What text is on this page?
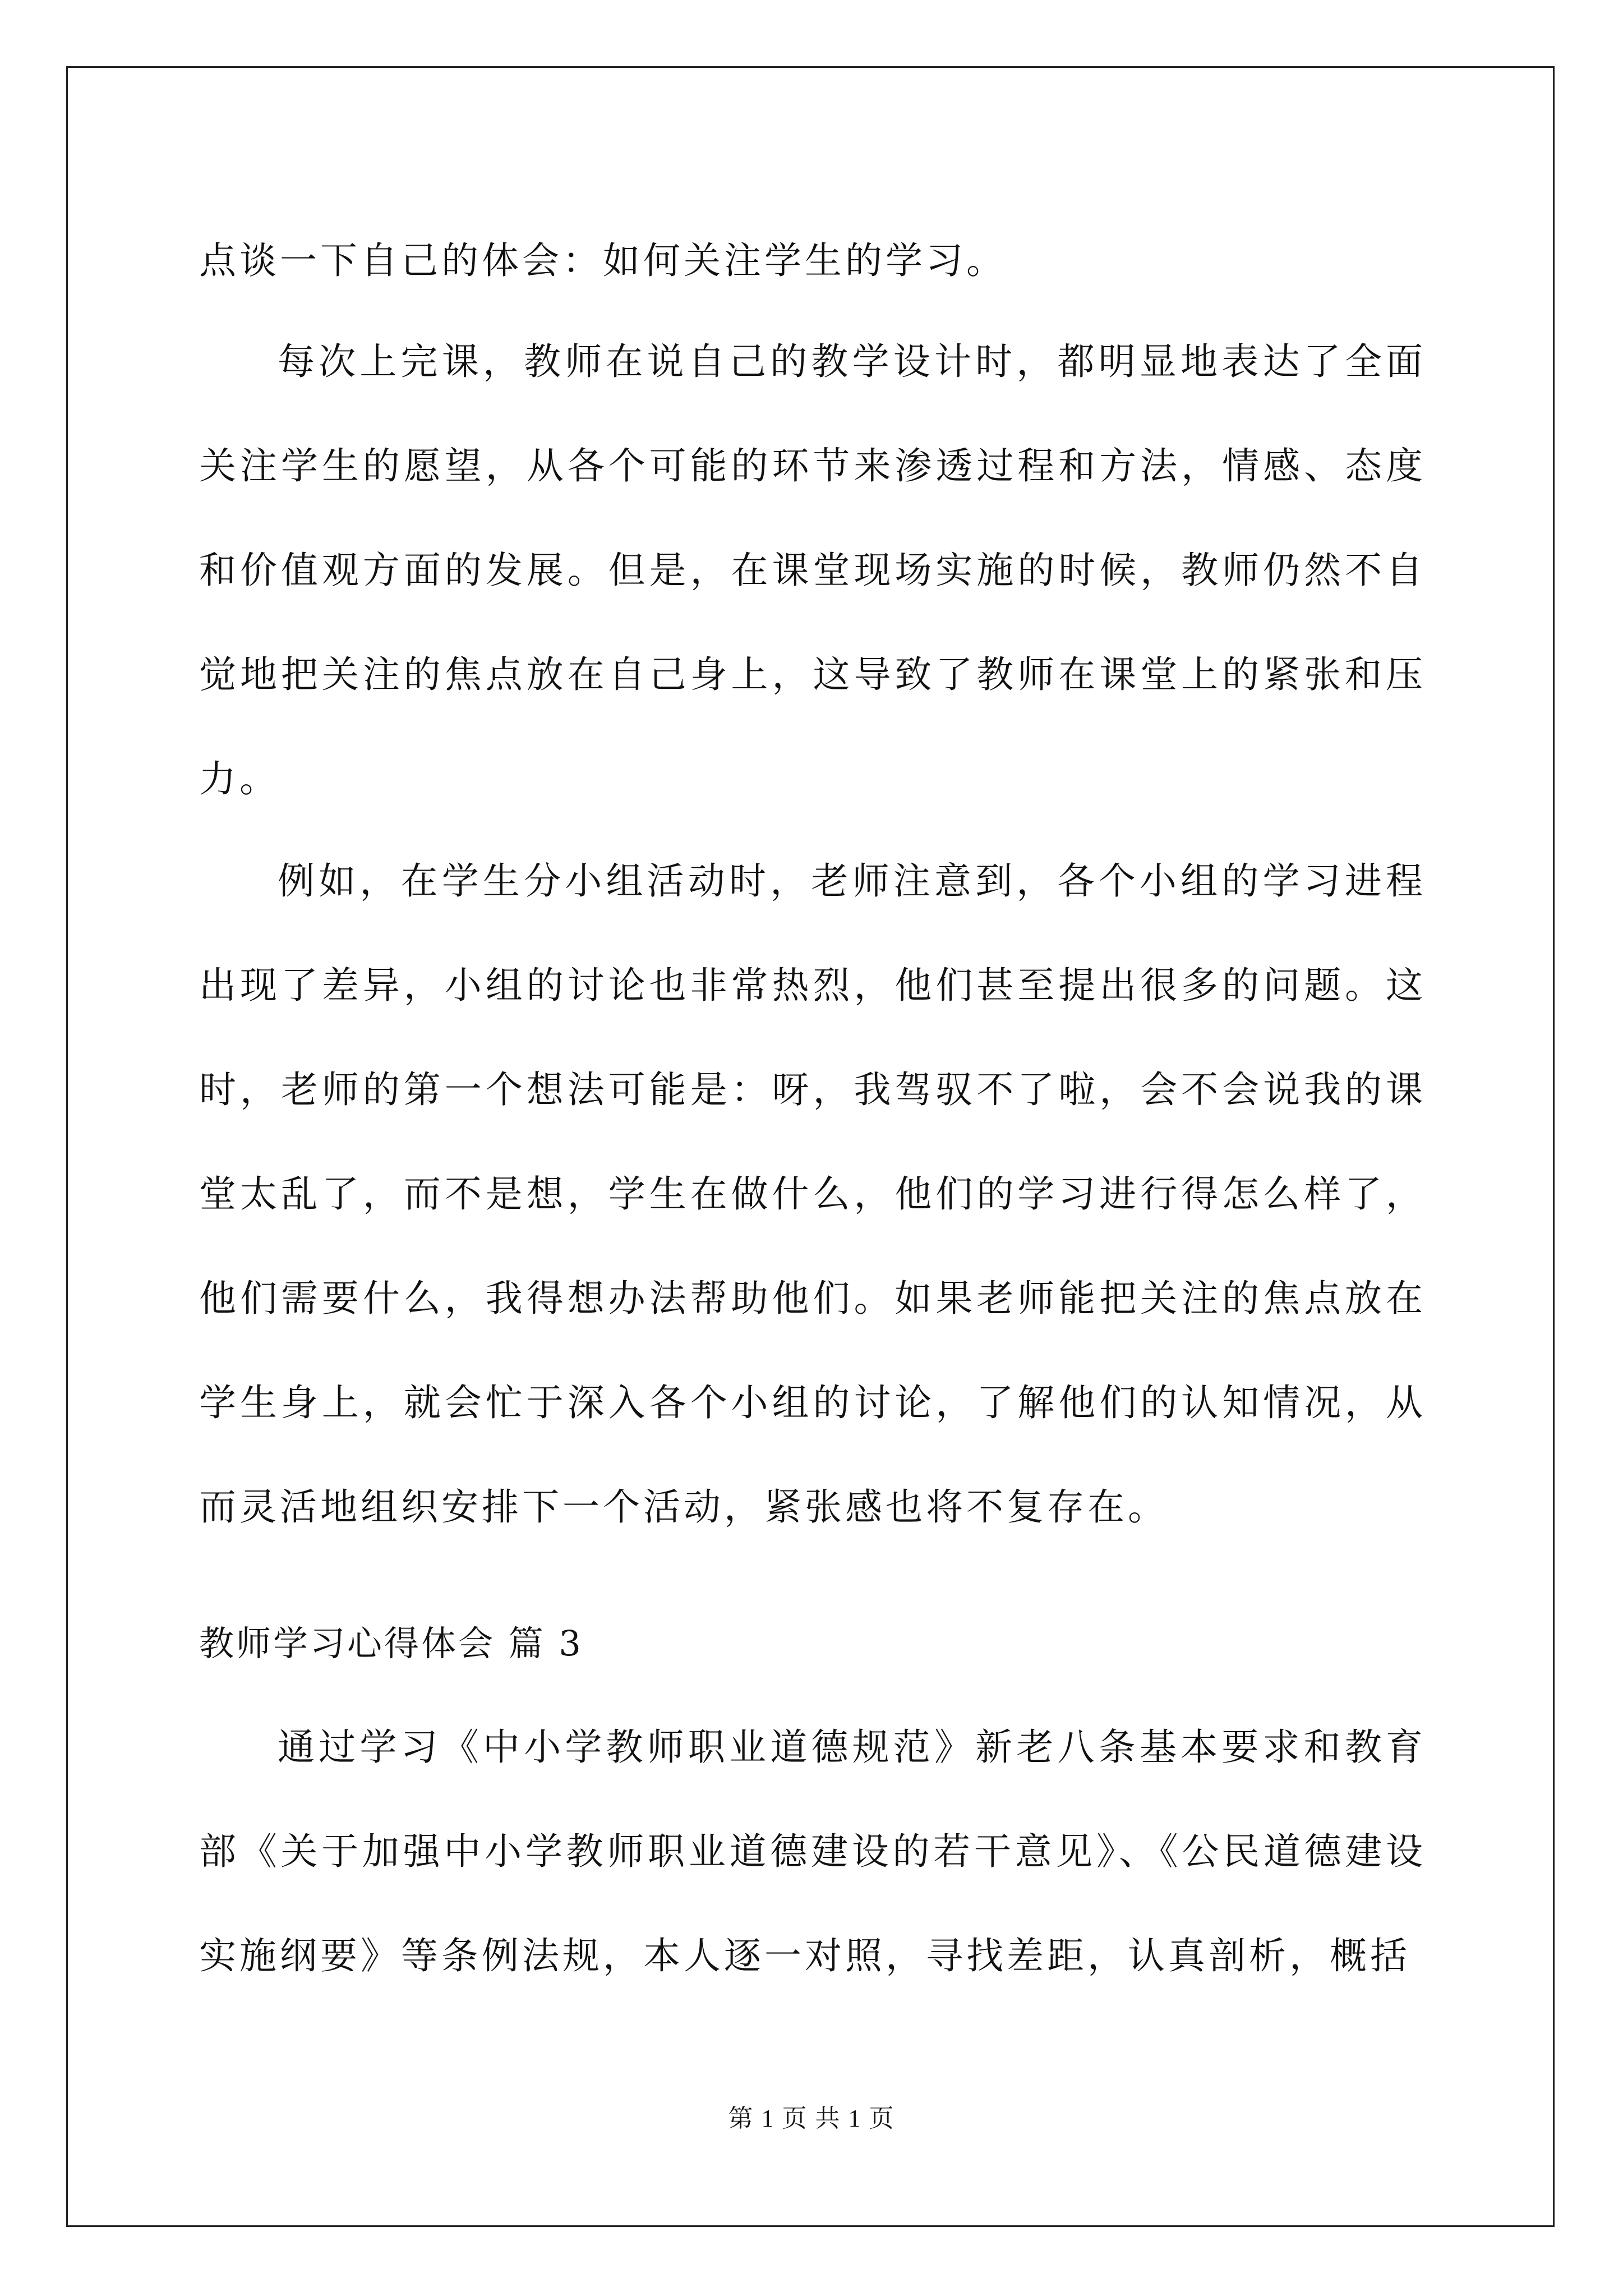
点谈一下自己的体会：如何关注学生的学习。

每次上完课，教师在说自己的教学设计时，都明显地表达了全面关注学生的愿望，从各个可能的环节来渗透过程和方法，情感、态度和价值观方面的发展。但是，在课堂现场实施的时候，教师仍然不自觉地把关注的焦点放在自己身上，这导致了教师在课堂上的紧张和压力。

例如，在学生分小组活动时，老师注意到，各个小组的学习进程出现了差异，小组的讨论也非常热烈，他们甚至提出很多的问题。这时，老师的第一个想法可能是：呀，我驾驭不了啦，会不会说我的课堂太乱了，而不是想，学生在做什么，他们的学习进行得怎么样了，他们需要什么，我得想办法帮助他们。如果老师能把关注的焦点放在学生身上，就会忙于深入各个小组的讨论，了解他们的认知情况，从而灵活地组织安排下一个活动，紧张感也将不复存在。

教师学习心得体会 篇 3

通过学习《中小学教师职业道德规范》新老八条基本要求和教育部《关于加强中小学教师职业道德建设的若干意见》、《公民道德建设实施纲要》等条例法规，本人逐一对照，寻找差距，认真剖析，概括

第 1 页 共 1 页
